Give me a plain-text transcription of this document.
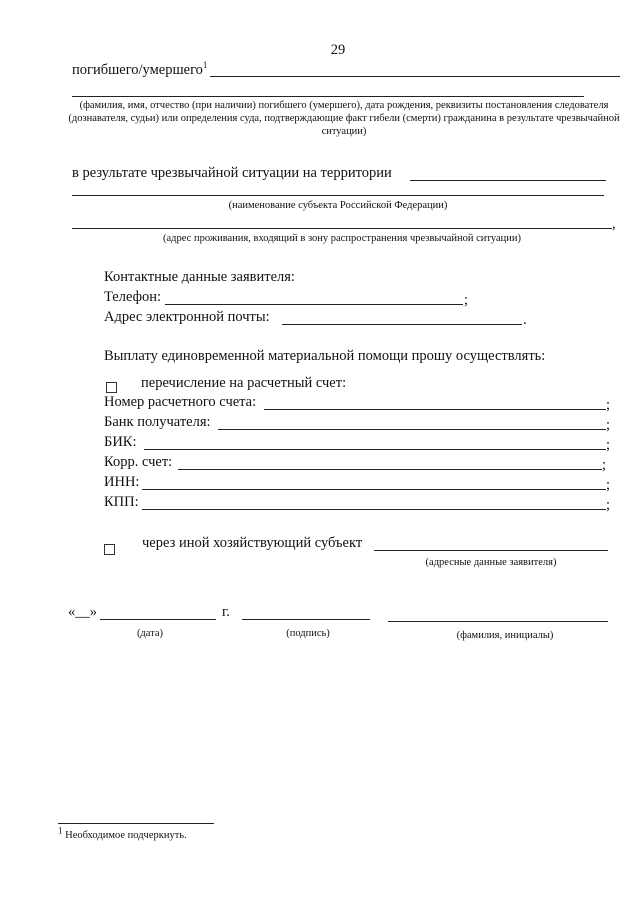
29
погибшего/умершего$^1$
(фамилия, имя, отчество (при наличии) погибшего (умершего), дата рождения, реквизиты постановления следователя (дознавателя, судьи) или определения суда, подтверждающие факт гибели (смерти) гражданина в результате чрезвычайной ситуации)
в результате чрезвычайной ситуации на территории
(наименование субъекта Российской Федерации)
,
(адрес проживания, входящий в зону распространения чрезвычайной ситуации)
Контактные данные заявителя:
Телефон:	;
Адрес электронной почты:	.
Выплату единовременной материальной помощи прошу осуществлять:
перечисление на расчетный счет:
Номер расчетного счета:	;
Банк получателя:	;
БИК:	;
Корр. счет:	;
ИНН:	;
КПП:	;
через иной хозяйствующий субъект
(адресные данные заявителя)
«__»	г.
(дата)	(подпись)	(фамилия, инициалы)
1 Необходимое подчеркнуть.
